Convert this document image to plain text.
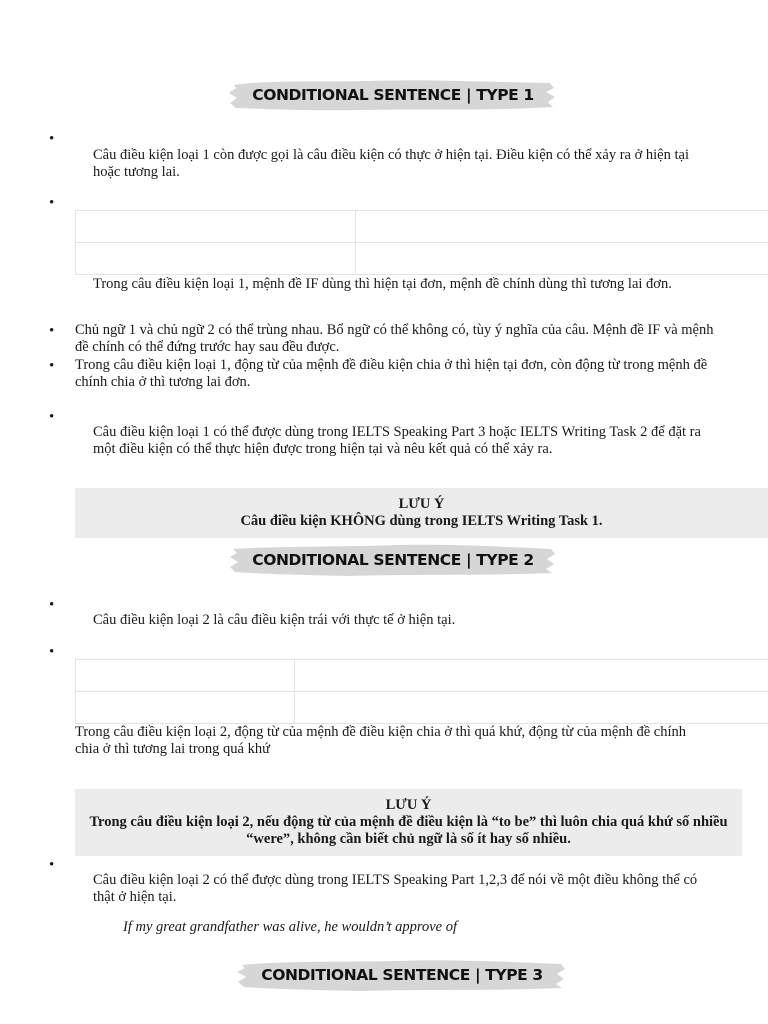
CONDITIONAL SENTENCE | TYPE 1
•
Câu điều kiện loại 1 còn được gọi là câu điều kiện có thực ở hiện tại. Điều kiện có thể xảy ra ở hiện tại hoặc tương lai.
•

Trong câu điều kiện loại 1, mệnh đề IF dùng thì hiện tại đơn, mệnh đề chính dùng thì tương lai đơn.
• Chủ ngữ 1 và chủ ngữ 2 có thể trùng nhau. Bổ ngữ có thể không có, tùy ý nghĩa của câu. Mệnh đề IF và mệnh đề chính có thể đứng trước hay sau đều được.
• Trong câu điều kiện loại 1, động từ của mệnh đề điều kiện chia ở thì hiện tại đơn, còn động từ trong mệnh đề chính chia ở thì tương lai đơn.
•
Câu điều kiện loại 1 có thể được dùng trong IELTS Speaking Part 3 hoặc IELTS Writing Task 2 để đặt ra một điều kiện có thể thực hiện được trong hiện tại và nêu kết quả có thể xảy ra.
LƯU Ý
Câu điều kiện KHÔNG dùng trong IELTS Writing Task 1.
CONDITIONAL SENTENCE | TYPE 2
•
Câu điều kiện loại 2 là câu điều kiện trái với thực tế ở hiện tại.
•

Trong câu điều kiện loại 2, động từ của mệnh đề điều kiện chia ở thì quá khứ, động từ của mệnh đề chính chia ở thì tương lai trong quá khứ
LƯU Ý
Trong câu điều kiện loại 2, nếu động từ của mệnh đề điều kiện là “to be” thì luôn chia quá khứ số nhiều “were”, không cần biết chủ ngữ là số ít hay số nhiều.
•
Câu điều kiện loại 2 có thể được dùng trong IELTS Speaking Part 1,2,3 để nói về một điều không thể có thật ở hiện tại.
If my great grandfather was alive, he wouldn’t approve of
CONDITIONAL SENTENCE | TYPE 3
